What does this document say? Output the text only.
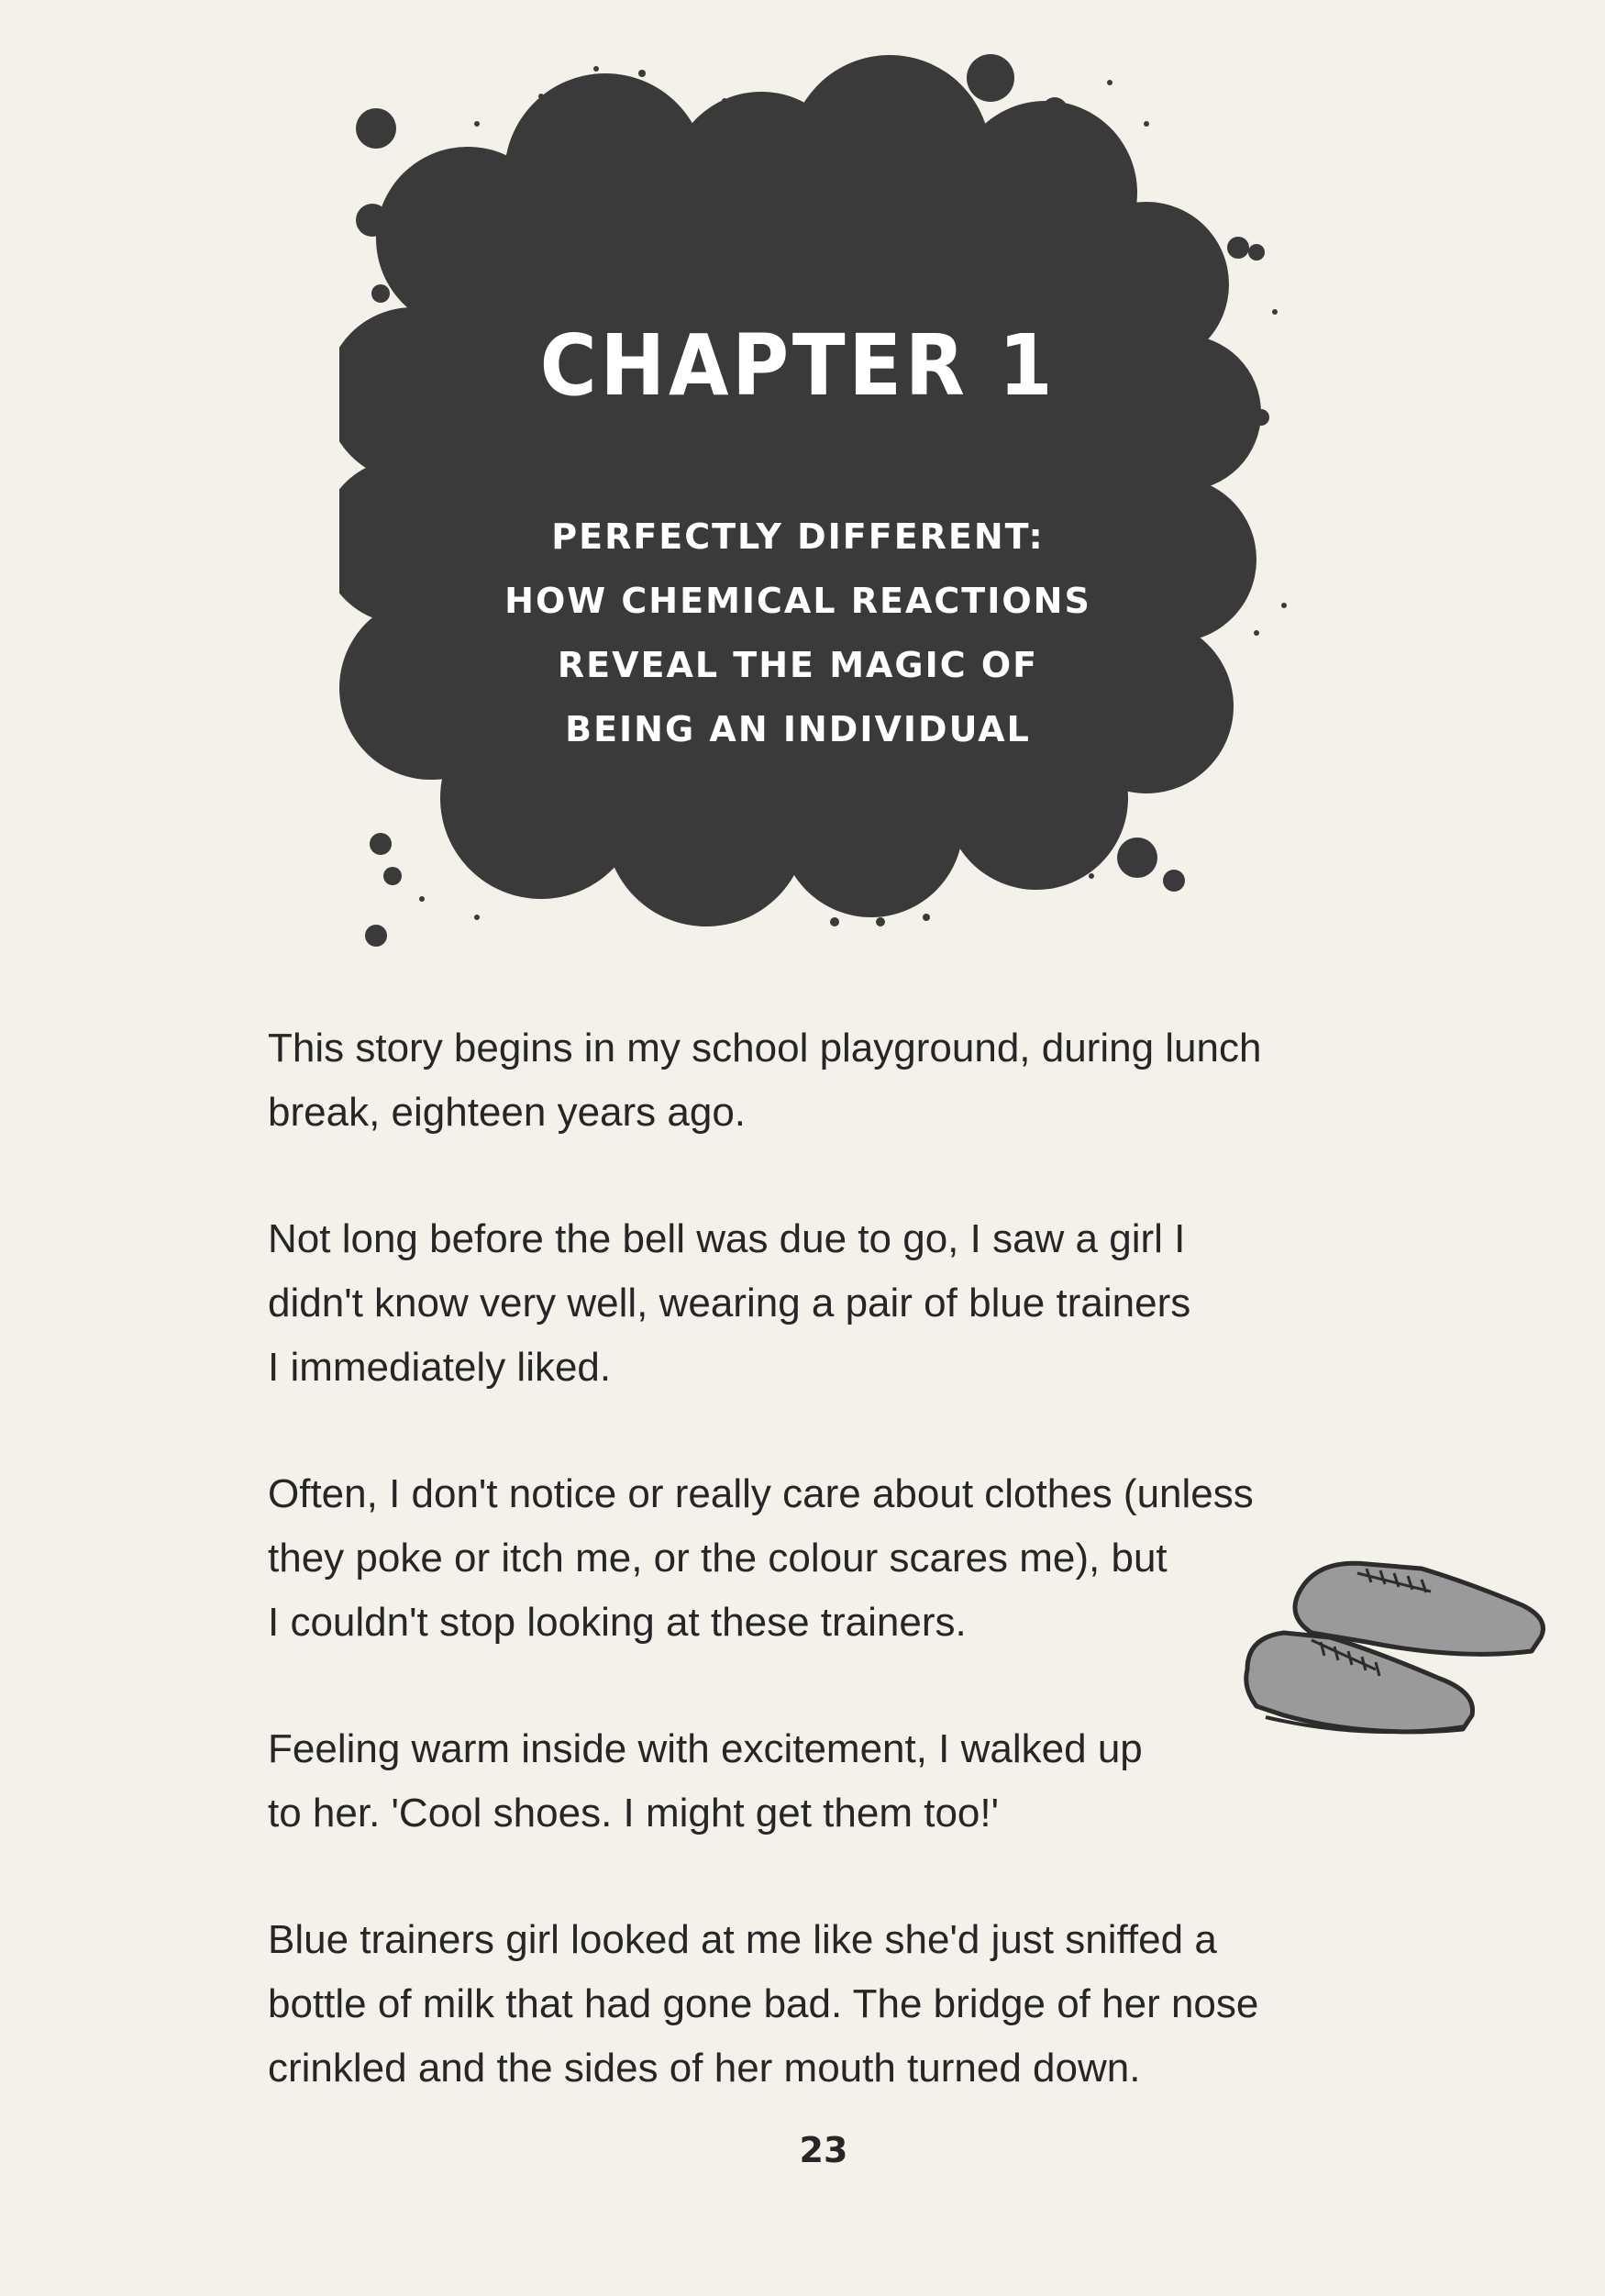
CHAPTER 1
PERFECTLY DIFFERENT:
HOW CHEMICAL REACTIONS
REVEAL THE MAGIC OF
BEING AN INDIVIDUAL
This story begins in my school playground, during lunch
break, eighteen years ago.
Not long before the bell was due to go, I saw a girl I
didn't know very well, wearing a pair of blue trainers
I immediately liked.
Often, I don't notice or really care about clothes (unless
they poke or itch me, or the colour scares me), but
I couldn't stop looking at these trainers.
Feeling warm inside with excitement, I walked up
to her. 'Cool shoes. I might get them too!'
Blue trainers girl looked at me like she'd just sniffed a
bottle of milk that had gone bad. The bridge of her nose
crinkled and the sides of her mouth turned down.
23
